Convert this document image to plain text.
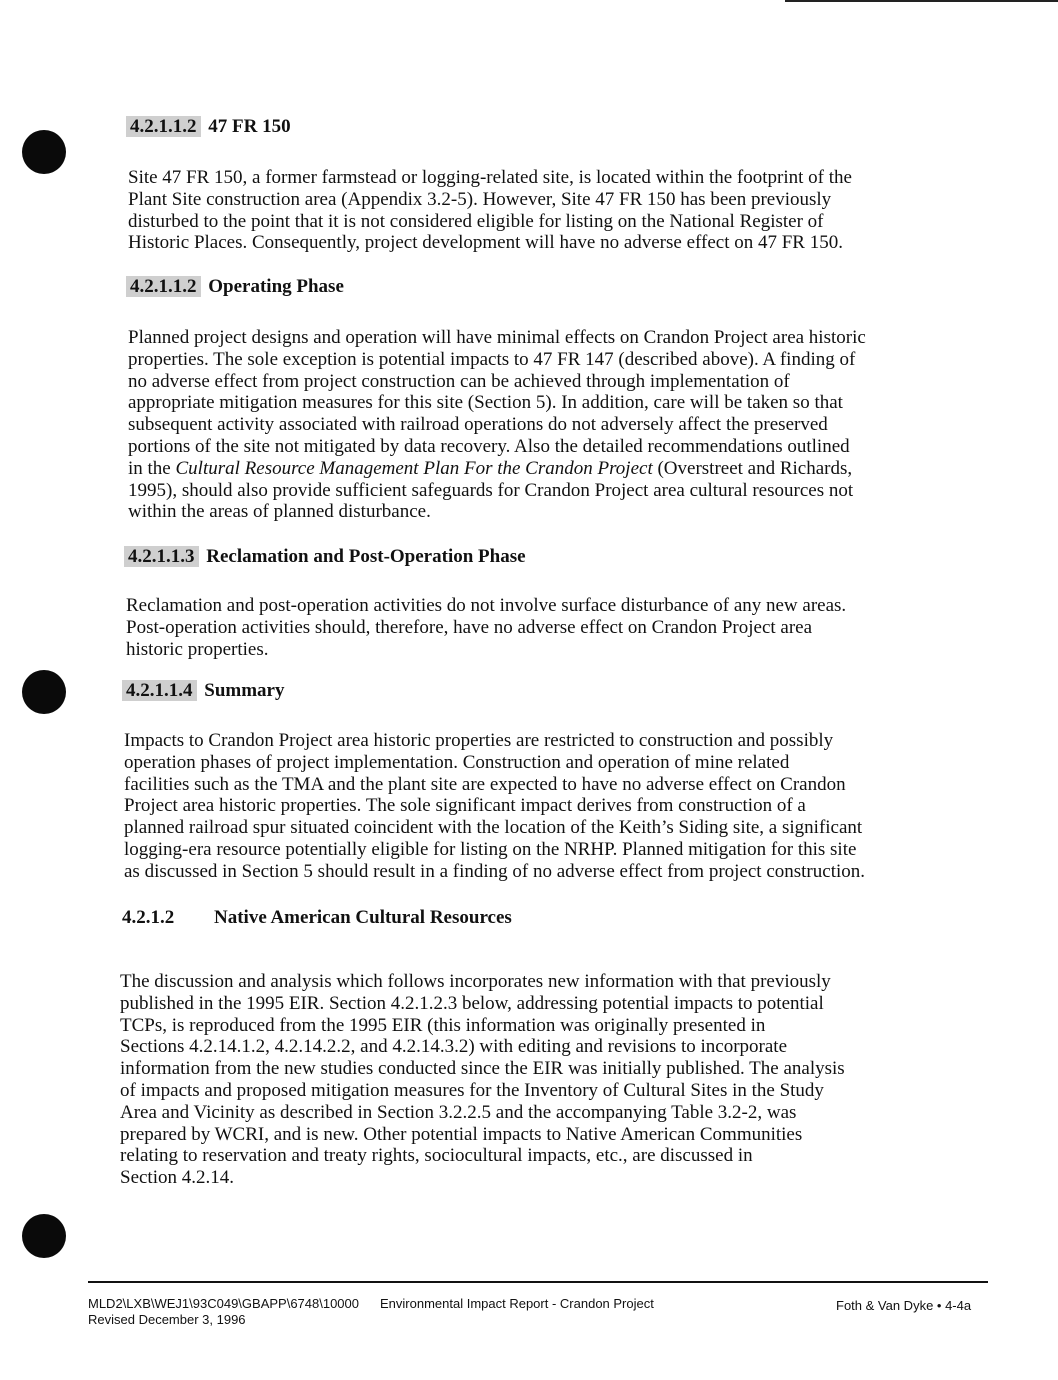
4.2.1.1.2 47 FR 150
Site 47 FR 150, a former farmstead or logging-related site, is located within the footprint of the
Plant Site construction area (Appendix 3.2-5). However, Site 47 FR 150 has been previously
disturbed to the point that it is not considered eligible for listing on the National Register of
Historic Places. Consequently, project development will have no adverse effect on 47 FR 150.
4.2.1.1.2 Operating Phase
Planned project designs and operation will have minimal effects on Crandon Project area historic
properties. The sole exception is potential impacts to 47 FR 147 (described above). A finding of
no adverse effect from project construction can be achieved through implementation of
appropriate mitigation measures for this site (Section 5). In addition, care will be taken so that
subsequent activity associated with railroad operations do not adversely affect the preserved
portions of the site not mitigated by data recovery. Also the detailed recommendations outlined
in the Cultural Resource Management Plan For the Crandon Project (Overstreet and Richards,
1995), should also provide sufficient safeguards for Crandon Project area cultural resources not
within the areas of planned disturbance.
4.2.1.1.3 Reclamation and Post-Operation Phase
Reclamation and post-operation activities do not involve surface disturbance of any new areas.
Post-operation activities should, therefore, have no adverse effect on Crandon Project area
historic properties.
4.2.1.1.4 Summary
Impacts to Crandon Project area historic properties are restricted to construction and possibly
operation phases of project implementation. Construction and operation of mine related
facilities such as the TMA and the plant site are expected to have no adverse effect on Crandon
Project area historic properties. The sole significant impact derives from construction of a
planned railroad spur situated coincident with the location of the Keith’s Siding site, a significant
logging-era resource potentially eligible for listing on the NRHP. Planned mitigation for this site
as discussed in Section 5 should result in a finding of no adverse effect from project construction.
4.2.1.2 Native American Cultural Resources
The discussion and analysis which follows incorporates new information with that previously
published in the 1995 EIR. Section 4.2.1.2.3 below, addressing potential impacts to potential
TCPs, is reproduced from the 1995 EIR (this information was originally presented in
Sections 4.2.14.1.2, 4.2.14.2.2, and 4.2.14.3.2) with editing and revisions to incorporate
information from the new studies conducted since the EIR was initially published. The analysis
of impacts and proposed mitigation measures for the Inventory of Cultural Sites in the Study
Area and Vicinity as described in Section 3.2.2.5 and the accompanying Table 3.2-2, was
prepared by WCRI, and is new. Other potential impacts to Native American Communities
relating to reservation and treaty rights, sociocultural impacts, etc., are discussed in
Section 4.2.14.
MLD2\LXB\WEJ1\93C049\GBAPP\6748\10000
Revised December 3, 1996
Environmental Impact Report - Crandon Project	Foth & Van Dyke • 4-4a
